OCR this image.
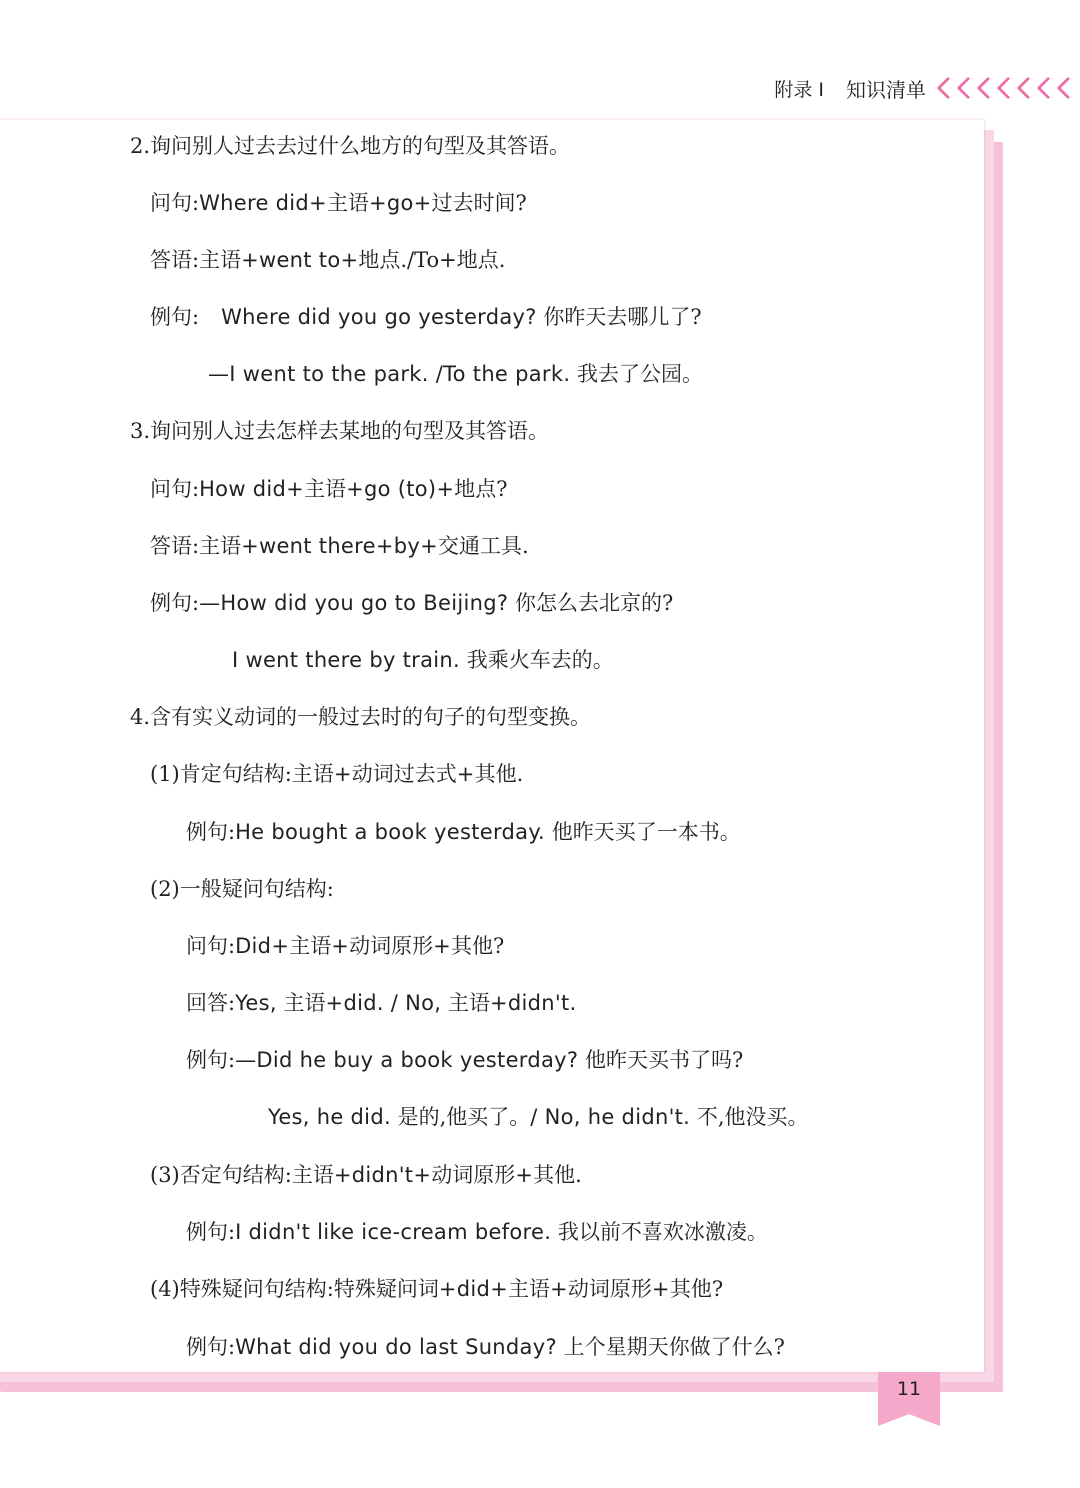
附录 I 知识清单
2.询问别人过去去过什么地方的句型及其答语。
问句:Where did+主语+go+过去时间?
答语:主语+went to+地点./To+地点.
例句: Where did you go yesterday? 你昨天去哪儿了?
—I went to the park. /To the park. 我去了公园。
3.询问别人过去怎样去某地的句型及其答语。
问句:How did+主语+go (to)+地点?
答语:主语+went there+by+交通工具.
例句:—How did you go to Beijing? 你怎么去北京的?
I went there by train. 我乘火车去的。
4.含有实义动词的一般过去时的句子的句型变换。
(1)肯定句结构:主语+动词过去式+其他.
例句:He bought a book yesterday. 他昨天买了一本书。
(2)一般疑问句结构:
问句:Did+主语+动词原形+其他?
回答:Yes, 主语+did. / No, 主语+didn't.
例句:—Did he buy a book yesterday? 他昨天买书了吗?
Yes, he did. 是的,他买了。/ No, he didn't. 不,他没买。
(3)否定句结构:主语+didn't+动词原形+其他.
例句:I didn't like ice-cream before. 我以前不喜欢冰激凌。
(4)特殊疑问句结构:特殊疑问词+did+主语+动词原形+其他?
例句:What did you do last Sunday? 上个星期天你做了什么?
11
